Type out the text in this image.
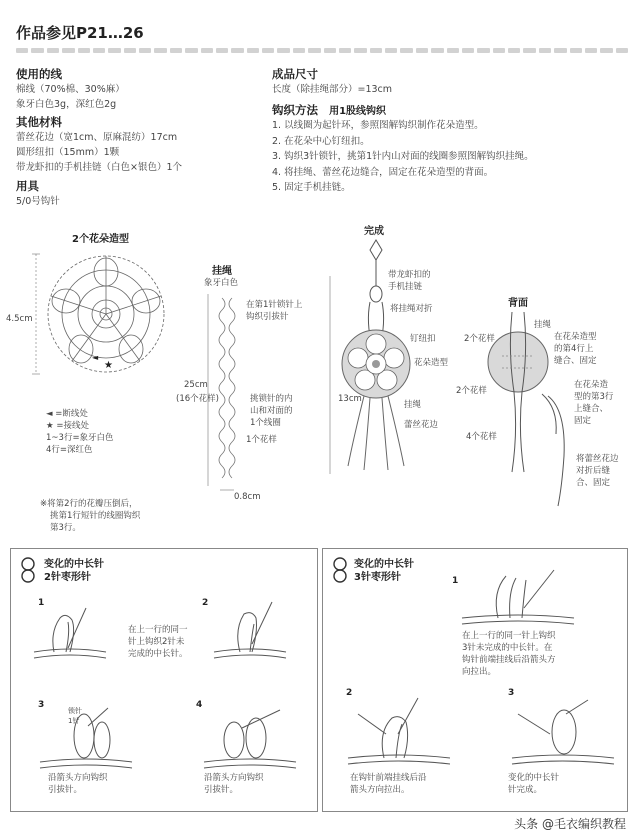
作品参见P21…26
使用的线
棉线（70%棉、30%麻）
象牙白色3g，深红色2g
其他材料
蕾丝花边（宽1cm、原麻混纺）17cm
圆形纽扣（15mm）1颗
带龙虾扣的手机挂链（白色×银色）1个
用具
5/0号钩针
成品尺寸
长度（除挂绳部分）=13cm
钩织方法 用1股线钩织
1. 以线圈为起针环，参照图解钩织制作花朵造型。
2. 在花朵中心钉纽扣。
3. 钩织3针锁针，挑第1针内山对面的线圈参照图解钩织挂绳。
4. 将挂绳、蕾丝花边缝合，固定在花朵造型的背面。
5. 固定手机挂链。
2个花朵造型
★
◄
4.5cm
◄ =断线处
★ =接线处
1~3行=象牙白色
4行=深红色
※将第2行的花瓣压倒后，
挑第1行短针的线圈钩织
第3行。
挂绳
象牙白色
在第1针锁针上
钩织引拔针
25cm
(16个花样)	挑锁针的内
山和对面的
1个线圈
1个花样
0.8cm
完成
13cm
带龙虾扣的
手机挂链
将挂绳对折
钉纽扣
花朵造型
挂绳
蕾丝花边
背面
挂绳
2个花样	在花朵造型
的第4行上
缝合、固定
2个花样
在花朵造
型的第3行
上缝合、
固定
4个花样
将蕾丝花边
对折后缝
合、固定
变化的中长针
2针枣形针
1	2
3	4
在上一行的同一
针上钩织2针未
完成的中长针。
锁针
1针
沿箭头方向钩织
引拔针。
沿箭头方向钩织
引拔针。
变化的中长针
3针枣形针	1
2	3
在上一行的同一针上钩织
3针未完成的中长针。在
钩针前端挂线后沿箭头方
向拉出。
在钩针前端挂线后沿
箭头方向拉出。
变化的中长针
针完成。
头条 @毛衣编织教程
